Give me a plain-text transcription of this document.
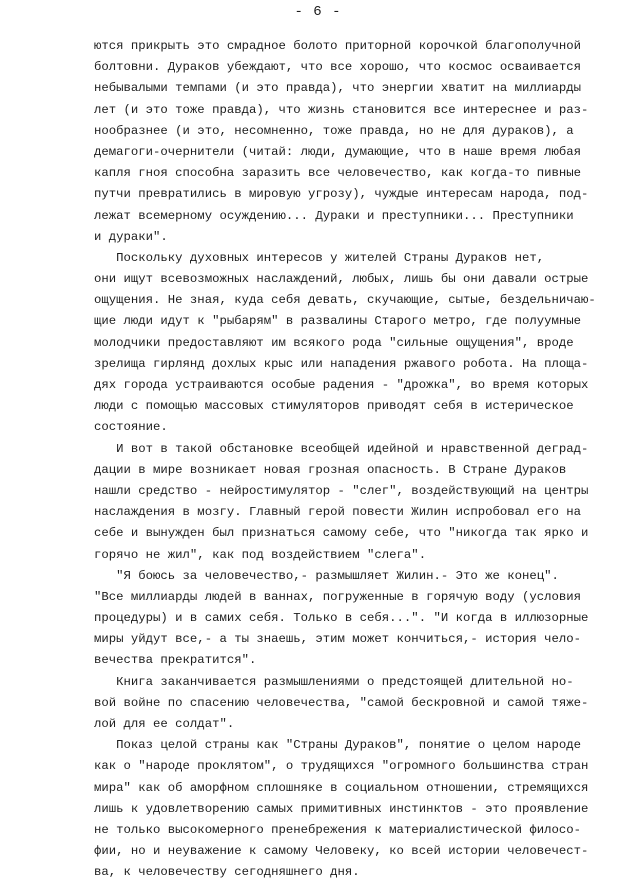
- 6 -
ются прикрыть это смрадное болото приторной корочкой благополучной
болтовни. Дураков убеждают, что все хорошо, что космос осваивается
небывалыми темпами (и это правда), что энергии хватит на миллиарды
лет (и это тоже правда), что жизнь становится все интереснее и раз-
нообразнее (и это, несомненно, тоже правда, но не для дураков), а
демагоги-очернители (читай: люди, думающие, что в наше время любая
капля гноя способна заразить все человечество, как когда-то пивные
путчи превратились в мировую угрозу), чуждые интересам народа, под-
лежат всемерному осуждению... Дураки и преступники... Преступники
и дураки".
Поскольку духовных интересов у жителей Страны Дураков нет,
они ищут всевозможных наслаждений, любых, лишь бы они давали острые
ощущения. Не зная, куда себя девать, скучающие, сытые, бездельничаю-
щие люди идут к "рыбарям" в развалины Старого метро, где полуумные
молодчики предоставляют им всякого рода "сильные ощущения", вроде
зрелища гирлянд дохлых крыс или нападения ржавого робота. На площа-
дях города устраиваются особые радения - "дрожка", во время которых
люди с помощью массовых стимуляторов приводят себя в истерическое
состояние.
И вот в такой обстановке всеобщей идейной и нравственной деград-
дации в мире возникает новая грозная опасность. В Стране Дураков
нашли средство - нейростимулятор - "слег", воздействующий на центры
наслаждения в мозгу. Главный герой повести Жилин испробовал его на
себе и вынужден был признаться самому себе, что "никогда так ярко и
горячо не жил", как под воздействием "слега".
"Я боюсь за человечество,- размышляет Жилин.- Это же конец".
"Все миллиарды людей в ваннах, погруженные в горячую воду (условия
процедуры) и в самих себя. Только в себя...". "И когда в иллюзорные
миры уйдут все,- а ты знаешь, этим может кончиться,- история чело-
вечества прекратится".
Книга заканчивается размышлениями о предстоящей длительной но-
вой войне по спасению человечества, "самой бескровной и самой тяже-
лой для ее солдат".
Показ целой страны как "Страны Дураков", понятие о целом народе
как о "народе проклятом", о трудящихся "огромного большинства стран
мира" как об аморфном сплошняке в социальном отношении, стремящихся
лишь к удовлетворению самых примитивных инстинктов - это проявление
не только высокомерного пренебрежения к материалистической филосо-
фии, но и неуважение к самому Человеку, ко всей истории человечест-
ва, к человечеству сегодняшнего дня.
